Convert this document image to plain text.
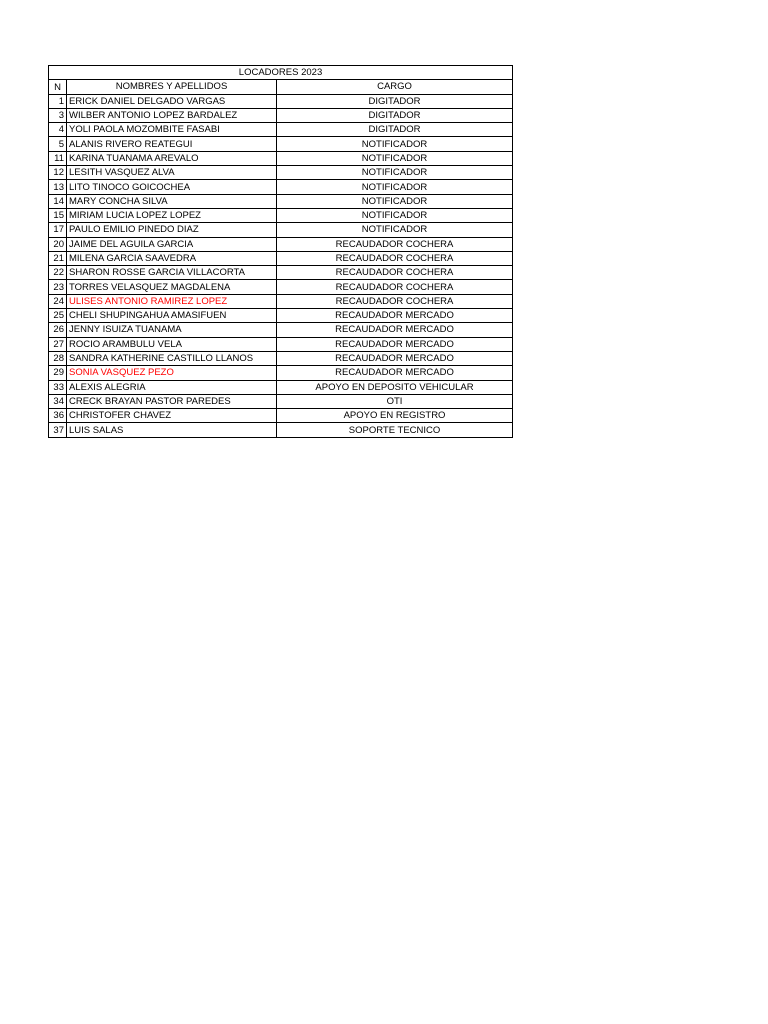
LOCADORES 2023		
N	NOMBRES Y APELLIDOS	CARGO
1	ERICK DANIEL DELGADO VARGAS	DIGITADOR
3	WILBER ANTONIO LOPEZ BARDALEZ	DIGITADOR
4	YOLI PAOLA MOZOMBITE FASABI	DIGITADOR
5	ALANIS RIVERO REATEGUI	NOTIFICADOR
11	KARINA TUANAMA AREVALO	NOTIFICADOR
12	LESITH VASQUEZ ALVA	NOTIFICADOR
13	LITO TINOCO GOICOCHEA	NOTIFICADOR
14	MARY CONCHA SILVA	NOTIFICADOR
15	MIRIAM LUCIA LOPEZ LOPEZ	NOTIFICADOR
17	PAULO EMILIO PINEDO DIAZ	NOTIFICADOR
20	JAIME DEL AGUILA GARCIA	RECAUDADOR COCHERA
21	MILENA GARCIA SAAVEDRA	RECAUDADOR COCHERA
22	SHARON ROSSE GARCIA VILLACORTA	RECAUDADOR COCHERA
23	TORRES VELASQUEZ MAGDALENA	RECAUDADOR COCHERA
24	ULISES ANTONIO RAMIREZ LOPEZ	RECAUDADOR COCHERA
25	CHELI SHUPINGAHUA AMASIFUEN	RECAUDADOR MERCADO
26	JENNY ISUIZA TUANAMA	RECAUDADOR MERCADO
27	ROCIO ARAMBULU VELA	RECAUDADOR MERCADO
28	SANDRA KATHERINE CASTILLO LLANOS	RECAUDADOR MERCADO
29	SONIA VASQUEZ PEZO	RECAUDADOR MERCADO
33	ALEXIS ALEGRIA	APOYO EN DEPOSITO VEHICULAR
34	CRECK BRAYAN PASTOR PAREDES	OTI
36	CHRISTOFER CHAVEZ	APOYO EN REGISTRO
37	LUIS SALAS	SOPORTE TECNICO
